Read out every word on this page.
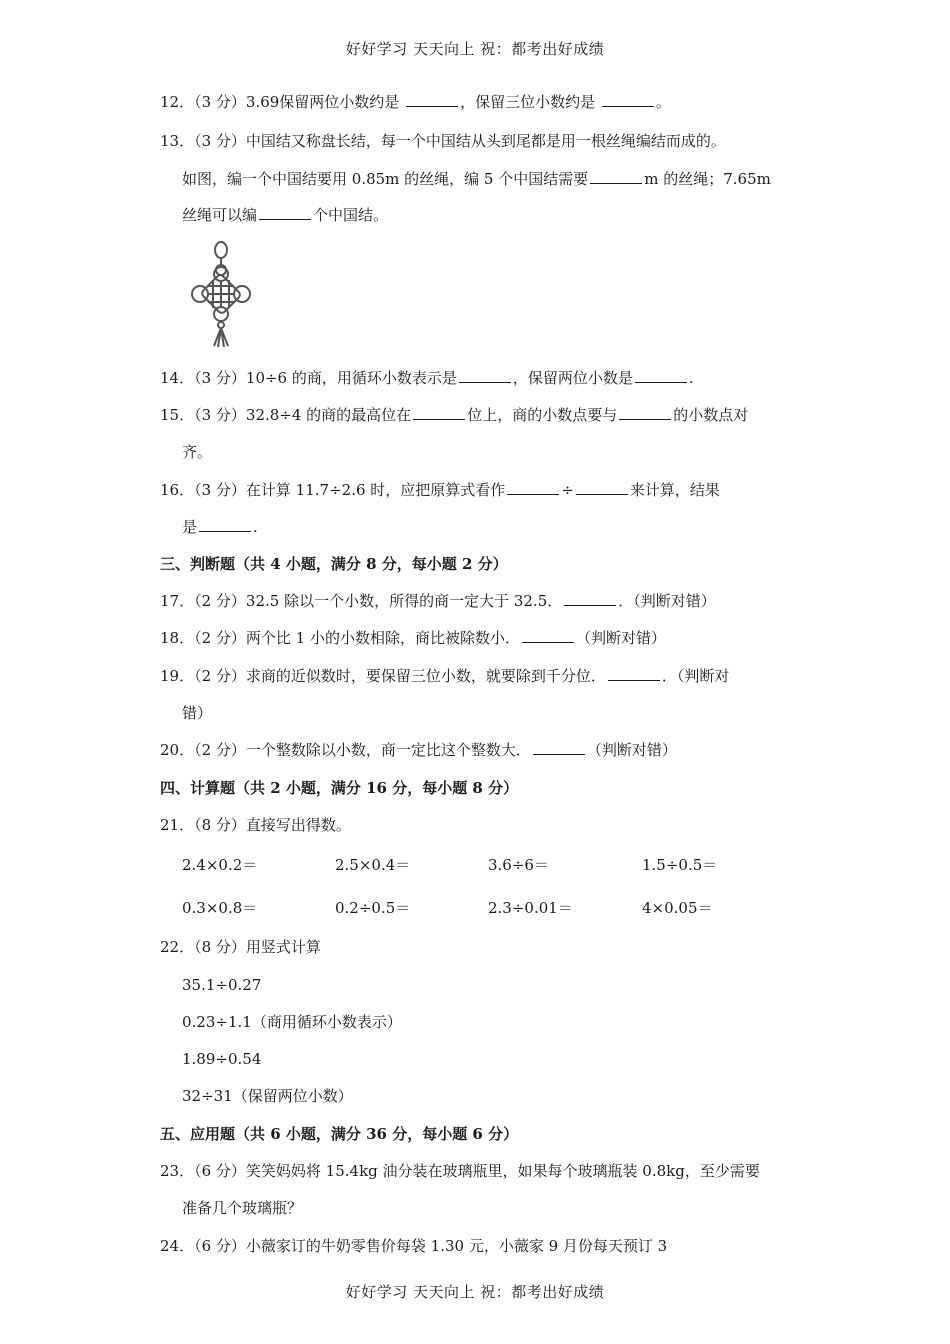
好好学习 天天向上 祝：都考出好成绩
12．（3 分）3.69保留两位小数约是	，保留三位小数约是	。
13．（3 分）中国结又称盘长结，每一个中国结从头到尾都是用一根丝绳编结而成的。
如图，编一个中国结要用 0.85m 的丝绳，编 5 个中国结需要	m 的丝绳；7.65m
丝绳可以编	个中国结。
14．（3 分）10÷6 的商，用循环小数表示是	，保留两位小数是	.
15．（3 分）32.8÷4 的商的最高位在	位上，商的小数点要与	的小数点对
齐。
16．（3 分）在计算 11.7÷2.6 时，应把原算式看作	÷	来计算，结果
是	.
三、判断题（共 4 小题，满分 8 分，每小题 2 分）
17．（2 分）32.5 除以一个小数，所得的商一定大于 32.5．	．（判断对错）
18．（2 分）两个比 1 小的小数相除，商比被除数小．	（判断对错）
19．（2 分）求商的近似数时，要保留三位小数，就要除到千分位．	．（判断对
错）
20．（2 分）一个整数除以小数，商一定比这个整数大．	（判断对错）
四、计算题（共 2 小题，满分 16 分，每小题 8 分）
21．（8 分）直接写出得数。
2.4×0.2＝	2.5×0.4＝	3.6÷6＝	1.5÷0.5＝
0.3×0.8＝	0.2÷0.5＝	2.3÷0.01＝	4×0.05＝
22．（8 分）用竖式计算
35.1÷0.27
0.23÷1.1（商用循环小数表示）
1.89÷0.54
32÷31（保留两位小数）
五、应用题（共 6 小题，满分 36 分，每小题 6 分）
23．（6 分）笑笑妈妈将 15.4kg 油分装在玻璃瓶里，如果每个玻璃瓶装 0.8kg，至少需要
准备几个玻璃瓶？
24．（6 分）小薇家订的牛奶零售价每袋 1.30 元，小薇家 9 月份每天预订 3
好好学习 天天向上 祝：都考出好成绩
